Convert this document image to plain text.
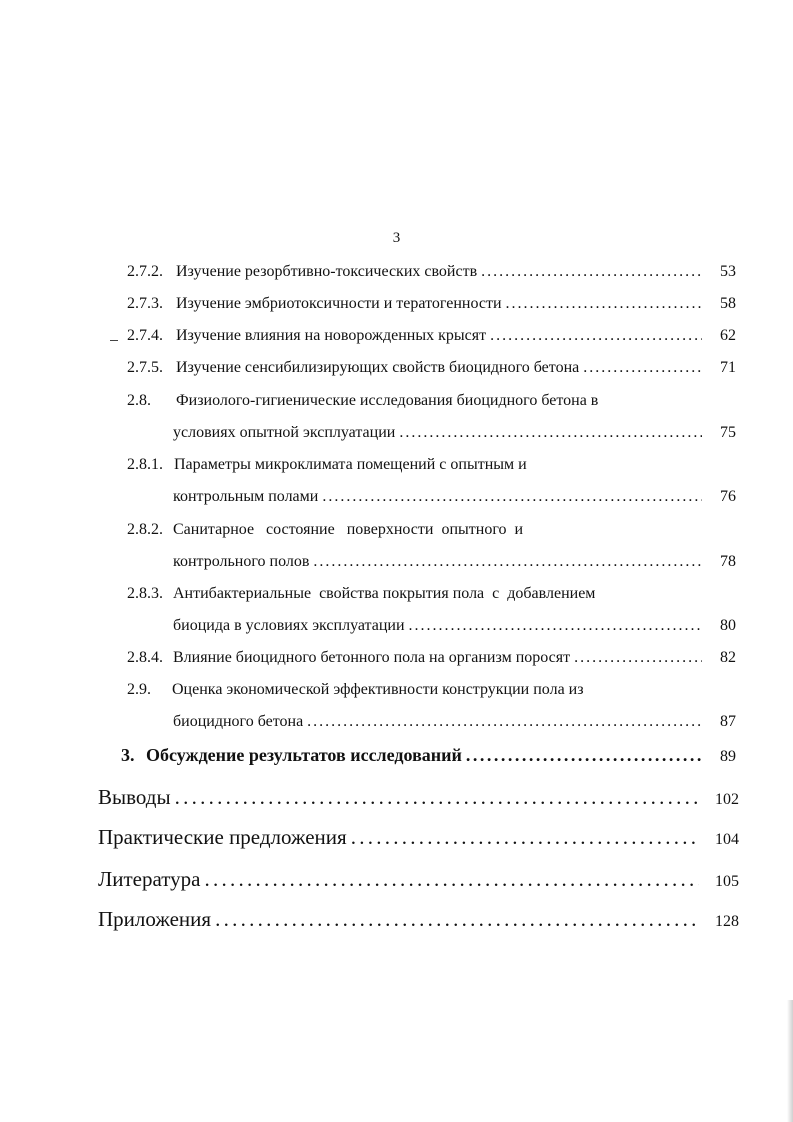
3
2.7.2. Изучение резорбтивно-токсических свойств . . .	53
2.7.3. Изучение эмбриотоксичности и тератогенности . . .	58
2.7.4. Изучение влияния на новорожденных крысят . . .	62
2.7.5. Изучение сенсибилизирующих свойств биоцидного бетона . . .	71
2.8. Физиолого-гигиенические исследования биоцидного бетона в
условиях опытной эксплуатации . . .	75
2.8.1. Параметры микроклимата помещений с опытным и
контрольным полами . . .	76
2.8.2. Санитарное   состояние   поверхности  опытного  и
контрольного полов . . .	78
2.8.3. Антибактериальные  свойства покрытия пола  с  добавлением
биоцида в условиях эксплуатации . . .	80
2.8.4. Влияние биоцидного бетонного пола на организм поросят . . .	82
2.9. Оценка экономической эффективности конструкции пола из
биоцидного бетона . . .	87
3. Обсуждение результатов исследований . . .	89
Выводы . . .	102
Практические предложения . . .	104
Литература . . .	105
Приложения . . .	128
